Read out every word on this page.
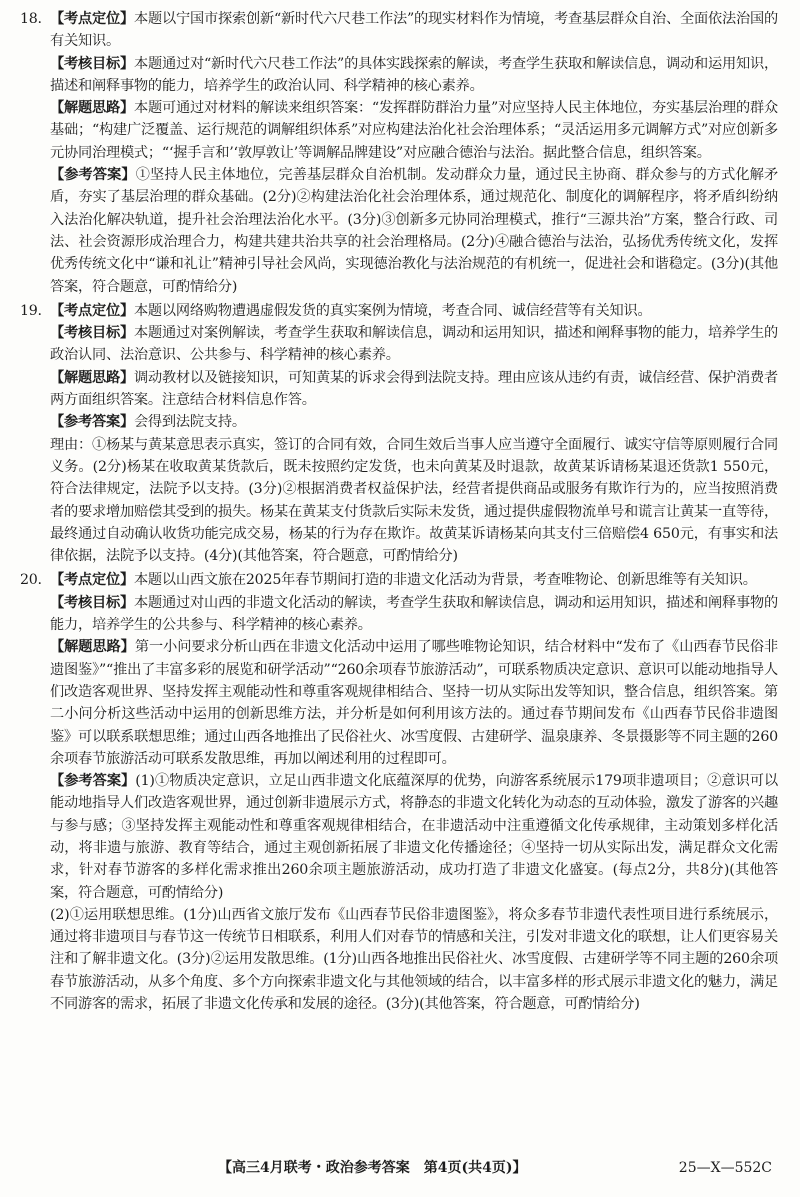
18. 【考点定位】本题以宁国市探索创新“新时代六尺巷工作法”的现实材料作为情境，考查基层群众自治、全面依法治国的有关知识。

【考核目标】本题通过对“新时代六尺巷工作法”的具体实践探索的解读，考查学生获取和解读信息，调动和运用知识，描述和阐释事物的能力，培养学生的政治认同、科学精神的核心素养。

【解题思路】本题可通过对材料的解读来组织答案：“发挥群防群治力量”对应坚持人民主体地位，夯实基层治理的群众基础；“构建广泛覆盖、运行规范的调解组织体系”对应构建法治化社会治理体系；“灵活运用多元调解方式”对应创新多元协同治理模式；“‘握手言和’‘敦厚敦让’等调解品牌建设”对应融合德治与法治。据此整合信息，组织答案。

【参考答案】①坚持人民主体地位，完善基层群众自治机制。发动群众力量，通过民主协商、群众参与的方式化解矛盾，夯实了基层治理的群众基础。(2分)②构建法治化社会治理体系，通过规范化、制度化的调解程序，将矛盾纠纷纳入法治化解决轨道，提升社会治理法治化水平。(3分)③创新多元协同治理模式，推行“三源共治”方案，整合行政、司法、社会资源形成治理合力，构建共建共治共享的社会治理格局。(2分)④融合德治与法治，弘扬优秀传统文化，发挥优秀传统文化中“谦和礼让”精神引导社会风尚，实现德治教化与法治规范的有机统一，促进社会和谐稳定。(3分)(其他答案，符合题意，可酌情给分)

19. 【考点定位】本题以网络购物遭遇虚假发货的真实案例为情境，考查合同、诚信经营等有关知识。

【考核目标】本题通过对案例解读，考查学生获取和解读信息，调动和运用知识，描述和阐释事物的能力，培养学生的政治认同、法治意识、公共参与、科学精神的核心素养。

【解题思路】调动教材以及链接知识，可知黄某的诉求会得到法院支持。理由应该从违约有责，诚信经营、保护消费者两方面组织答案。注意结合材料信息作答。

【参考答案】会得到法院支持。

理由：①杨某与黄某意思表示真实，签订的合同有效，合同生效后当事人应当遵守全面履行、诚实守信等原则履行合同义务。(2分)杨某在收取黄某货款后，既未按照约定发货，也未向黄某及时退款，故黄某诉请杨某退还货款1 550元，符合法律规定，法院予以支持。(3分)②根据消费者权益保护法，经营者提供商品或服务有欺诈行为的，应当按照消费者的要求增加赔偿其受到的损失。杨某在黄某支付货款后实际未发货，通过提供虚假物流单号和谎言让黄某一直等待，最终通过自动确认收货功能完成交易，杨某的行为存在欺诈。故黄某诉请杨某向其支付三倍赔偿4 650元，有事实和法律依据，法院予以支持。(4分)(其他答案，符合题意，可酌情给分)

20. 【考点定位】本题以山西文旅在2025年春节期间打造的非遗文化活动为背景，考查唯物论、创新思维等有关知识。

【考核目标】本题通过对山西的非遗文化活动的解读，考查学生获取和解读信息，调动和运用知识，描述和阐释事物的能力，培养学生的公共参与、科学精神的核心素养。

【解题思路】第一小问要求分析山西在非遗文化活动中运用了哪些唯物论知识，结合材料中“发布了《山西春节民俗非遗图鉴》”“推出了丰富多彩的展览和研学活动”“260余项春节旅游活动”，可联系物质决定意识、意识可以能动地指导人们改造客观世界、坚持发挥主观能动性和尊重客观规律相结合、坚持一切从实际出发等知识，整合信息，组织答案。第二小问分析这些活动中运用的创新思维方法，并分析是如何利用该方法的。通过春节期间发布《山西春节民俗非遗图鉴》可以联系联想思维；通过山西各地推出了民俗社火、冰雪度假、古建研学、温泉康养、冬景摄影等不同主题的260余项春节旅游活动可联系发散思维，再加以阐述利用的过程即可。

【参考答案】(1)①物质决定意识，立足山西非遗文化底蕴深厚的优势，向游客系统展示179项非遗项目；②意识可以能动地指导人们改造客观世界，通过创新非遗展示方式，将静态的非遗文化转化为动态的互动体验，激发了游客的兴趣与参与感；③坚持发挥主观能动性和尊重客观规律相结合，在非遗活动中注重遵循文化传承规律，主动策划多样化活动，将非遗与旅游、教育等结合，通过主观创新拓展了非遗文化传播途径；④坚持一切从实际出发，满足群众文化需求，针对春节游客的多样化需求推出260余项主题旅游活动，成功打造了非遗文化盛宴。(每点2分，共8分)(其他答案，符合题意，可酌情给分)

(2)①运用联想思维。(1分)山西省文旅厅发布《山西春节民俗非遗图鉴》，将众多春节非遗代表性项目进行系统展示，通过将非遗项目与春节这一传统节日相联系，利用人们对春节的情感和关注，引发对非遗文化的联想，让人们更容易关注和了解非遗文化。(3分)②运用发散思维。(1分)山西各地推出民俗社火、冰雪度假、古建研学等不同主题的260余项春节旅游活动，从多个角度、多个方向探索非遗文化与其他领域的结合，以丰富多样的形式展示非遗文化的魅力，满足不同游客的需求，拓展了非遗文化传承和发展的途径。(3分)(其他答案，符合题意，可酌情给分)

【高三4月联考・政治参考答案　第4页(共4页)】	25—X—552C
